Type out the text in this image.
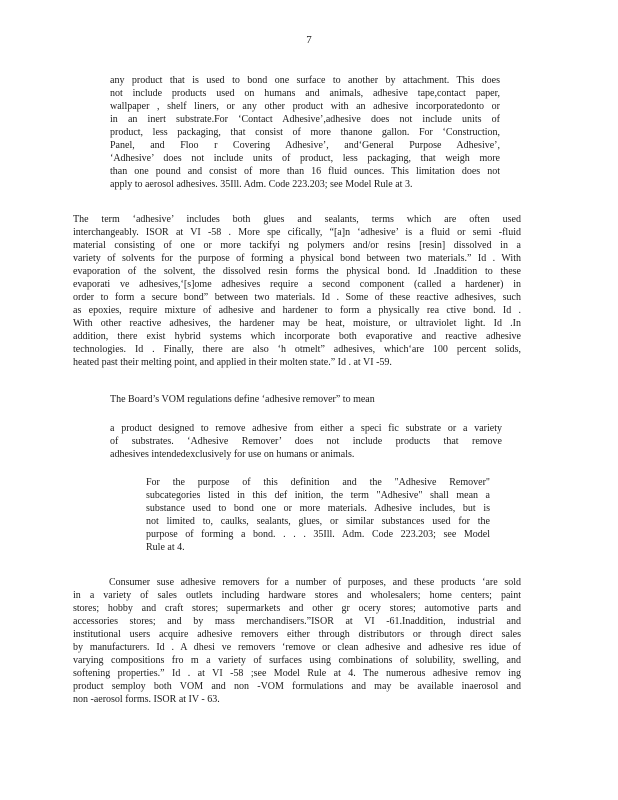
7
any product that is used to bond one surface to another by attachment. This does
not include products used on humans and animals, adhesive tape,contact paper,
wallpaper , shelf liners, or any other product with an adhesive incorporatedonto or
in an inert substrate.For ‘Contact Adhesive’,adhesive does not include units of
product, less packaging, that consist of more thanone gallon. For ‘Construction,
Panel, and Floo r Covering Adhesive’, and‘General Purpose Adhesive’,
‘Adhesive’ does not include units of product, less packaging, that weigh more
than one pound and consist of more than 16 fluid ounces. This limitation does not
apply to aerosol adhesives. 35Ill. Adm. Code 223.203; see Model Rule at 3.
The term ‘adhesive’ includes both glues and sealants, terms which are often used
interchangeably. ISOR at VI -58 . More spe cifically, “[a]n ‘adhesive’ is a fluid or semi -fluid
material consisting of one or more tackifyi ng polymers and/or resins [resin] dissolved in a
variety of solvents for the purpose of forming a physical bond between two materials.” Id . With
evaporation of the solvent, the dissolved resin forms the physical bond. Id .Inaddition to these
evaporati ve adhesives,‘[s]ome adhesives require a second component (called a hardener) in
order to form a secure bond” between two materials. Id . Some of these reactive adhesives, such
as epoxies, require mixture of adhesive and hardener to form a physically rea ctive bond. Id .
With other reactive adhesives, the hardener may be heat, moisture, or ultraviolet light. Id .In
addition, there exist hybrid systems which incorporate both evaporative and reactive adhesive
technologies. Id . Finally, there are also ‘h otmelt” adhesives, which‘are 100 percent solids,
heated past their melting point, and applied in their molten state.” Id . at VI -59.
The Board’s VOM regulations define ‘adhesive remover” to mean
a product designed to remove adhesive from either a speci fic substrate or a variety
of substrates. ‘Adhesive Remover’ does not include products that remove
adhesives intendedexclusively for use on humans or animals.
For the purpose of this definition and the "Adhesive Remover"
subcategories listed in this def inition, the term "Adhesive" shall mean a
substance used to bond one or more materials. Adhesive includes, but is
not limited to, caulks, sealants, glues, or similar substances used for the
purpose of forming a bond. . . . 35Ill. Adm. Code 223.203; see Model
Rule at 4.
Consumer suse adhesive removers for a number of purposes, and these products ‘are sold
in a variety of sales outlets including hardware stores and wholesalers; home centers; paint
stores; hobby and craft stores; supermarkets and other gr ocery stores; automotive parts and
accessories stores; and by mass merchandisers.”ISOR at VI -61.Inaddition, industrial and
institutional users acquire adhesive removers either through distributors or through direct sales
by manufacturers. Id . A dhesi ve removers ‘remove or clean adhesive and adhesive res idue of
varying compositions fro m a variety of surfaces using combinations of solubility, swelling, and
softening properties.” Id . at VI -58 ;see Model Rule at 4. The numerous adhesive remov ing
product semploy both VOM and non -VOM formulations and may be available inaerosol and
non -aerosol forms. ISOR at IV - 63.
